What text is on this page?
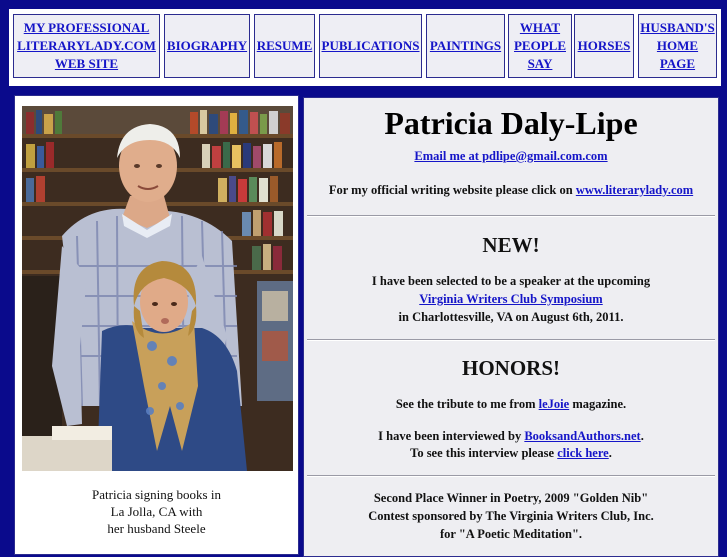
MY PROFESSIONAL
LITERARYLADY.COM
WEB SITE
BIOGRAPHY RESUME PUBLICATIONS PAINTINGS
WHAT
PEOPLE
SAY
HORSES
HUSBAND'S
HOME
PAGE
Patricia signing books in
La Jolla, CA with
her husband Steele
Patricia Daly-Lipe
Email me at pdlipe@gmail.com.com
For my official writing website please click on www.literarylady.com
NEW!
I have been selected to be a speaker at the upcoming
Virginia Writers Club Symposium
in Charlottesville, VA on August 6th, 2011.
HONORS!
See the tribute to me from leJoie magazine.
I have been interviewed by BooksandAuthors.net.
To see this interview please click here.
Second Place Winner in Poetry, 2009 "Golden Nib"
Contest sponsored by The Virginia Writers Club, Inc.
for "A Poetic Meditation".
